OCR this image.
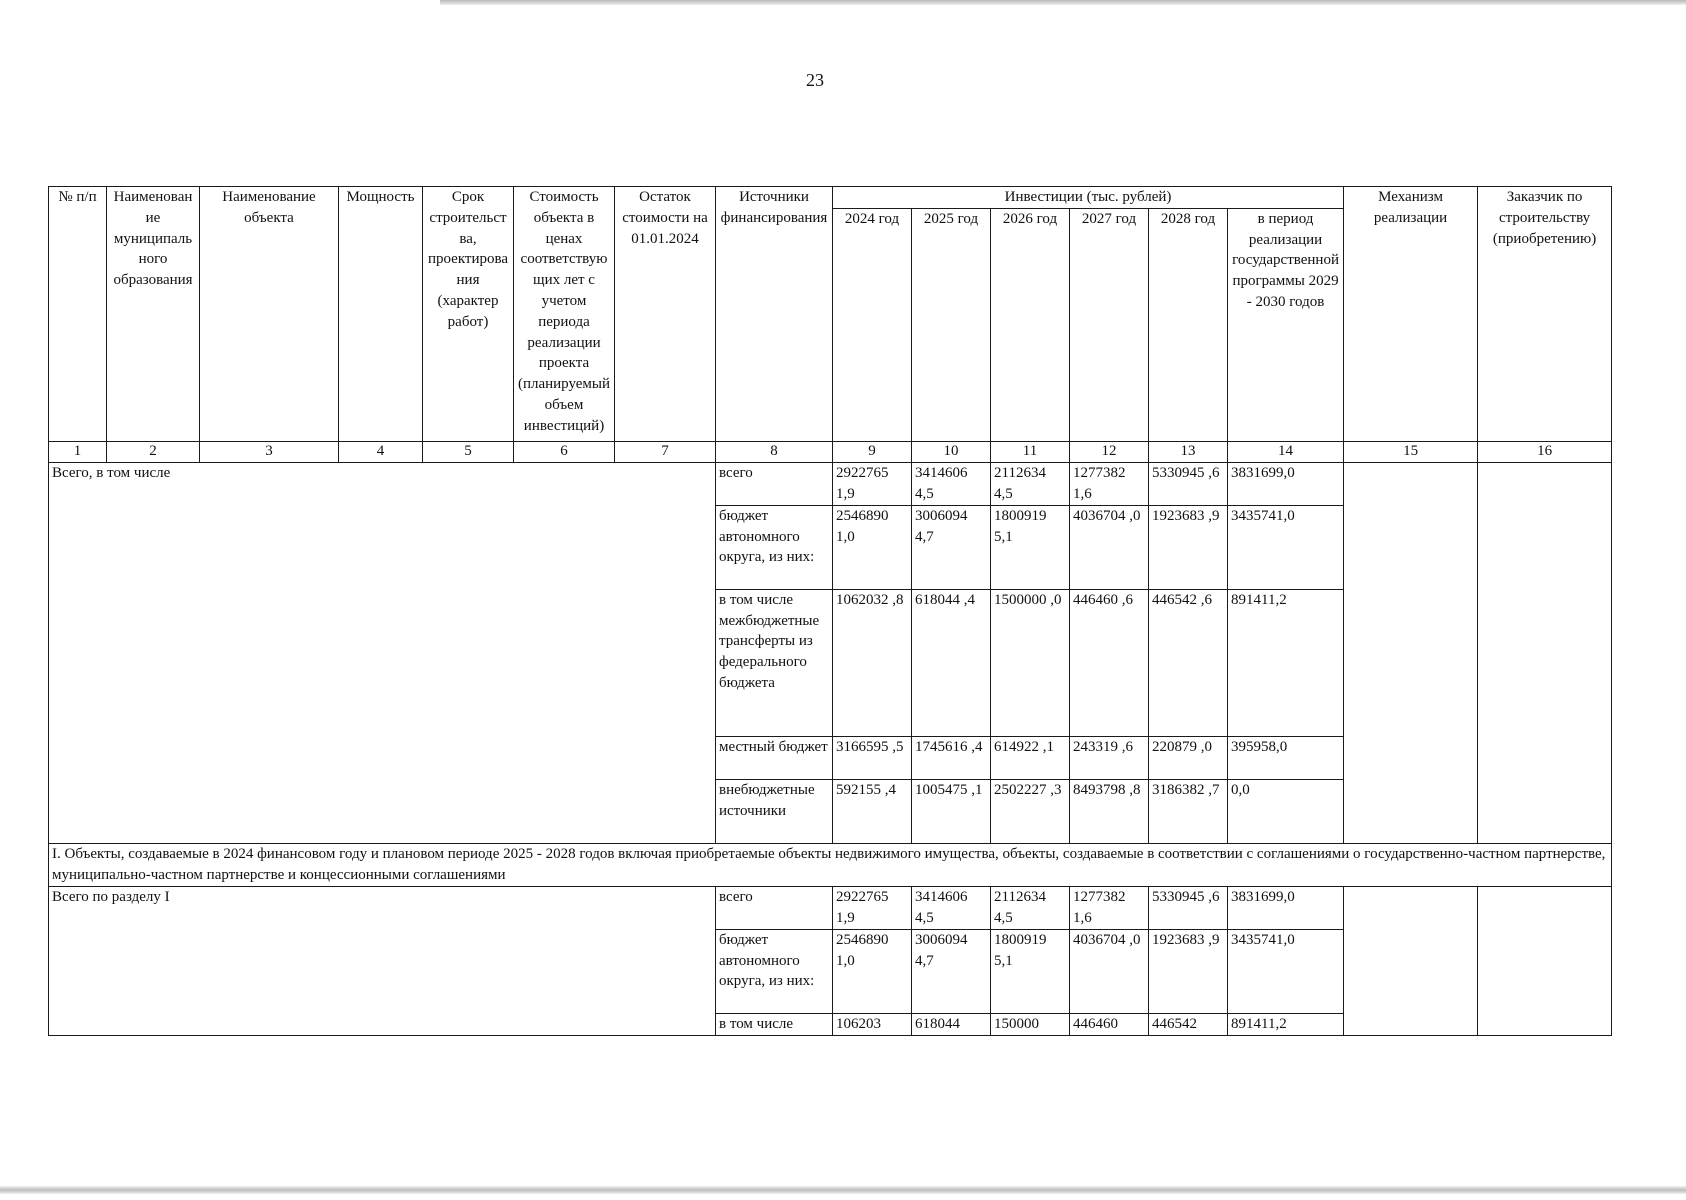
23
№ п/п	Наименование муниципального образования	Наименование объекта	Мощность	Срок строительства, проектирования (характер работ)	Стоимость объекта в ценах соответствующих лет с учетом периода реализации проекта (планируемый объем инвестиций)	Остаток стоимости на 01.01.2024	Источники финансирования	Инвестиции (тыс. рублей)						Механизм реализации	Заказчик по строительству (приобретению)
								2024 год	2025 год	2026 год	2027 год	2028 год	в период реализации государственной программы 2029 - 2030 годов		
1	2	3	4	5	6	7	8	9	10	11	12	13	14	15	16
Всего, в том числе							всего	2922765 1,9	3414606 4,5	2112634 4,5	1277382 1,6	5330945 ,6	3831699,0		
							бюджет автономного округа, из них:	2546890 1,0	3006094 4,7	1800919 5,1	4036704 ,0	1923683 ,9	3435741,0		
							в том числе межбюджетные трансферты из федерального бюджета	1062032 ,8	618044 ,4	1500000 ,0	446460 ,6	446542 ,6	891411,2		
							местный бюджет	3166595 ,5	1745616 ,4	614922 ,1	243319 ,6	220879 ,0	395958,0		
							внебюджетные источники	592155 ,4	1005475 ,1	2502227 ,3	8493798 ,8	3186382 ,7	0,0		
I. Объекты, создаваемые в 2024 финансовом году и плановом периоде 2025 - 2028 годов включая приобретаемые объекты недвижимого имущества, объекты, создаваемые в соответствии с соглашениями о государственно-частном партнерстве, муниципально-частном партнерстве и концессионными соглашениями															
Всего по разделу I							всего	2922765 1,9	3414606 4,5	2112634 4,5	1277382 1,6	5330945 ,6	3831699,0		
							бюджет автономного округа, из них:	2546890 1,0	3006094 4,7	1800919 5,1	4036704 ,0	1923683 ,9	3435741,0		
							в том числе	106203	618044	150000	446460	446542	891411,2		
